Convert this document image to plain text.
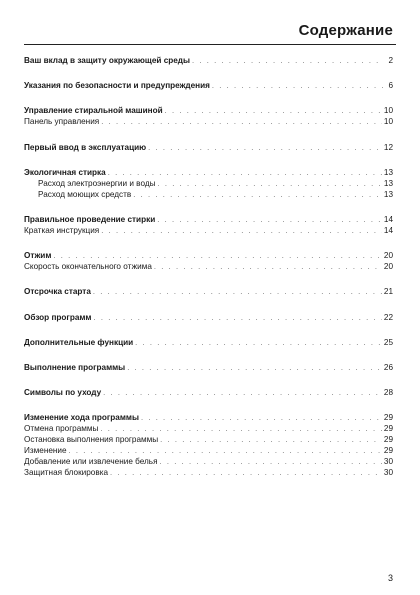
Содержание
Ваш вклад в защиту окружающей среды . . .	2
Указания по безопасности и предупреждения . . .	6
Управление стиральной машиной . . .	10
Панель управления . . .	10
Первый ввод в эксплуатацию . . .	12
Экологичная стирка . . .	13
Расход электроэнергии и воды . . .	13
Расход моющих средств . . .	13
Правильное проведение стирки . . .	14
Краткая инструкция . . .	14
Отжим . . .	20
Скорость окончательного отжима . . .	20
Отсрочка старта . . .	21
Обзор программ . . .	22
Дополнительные функции . . .	25
Выполнение программы . . .	26
Символы по уходу . . .	28
Изменение хода программы . . .	29
Отмена программы . . .	29
Остановка выполнения программы . . .	29
Изменение . . .	29
Добавление или извлечение белья . . .	30
Защитная блокировка . . .	30
3
